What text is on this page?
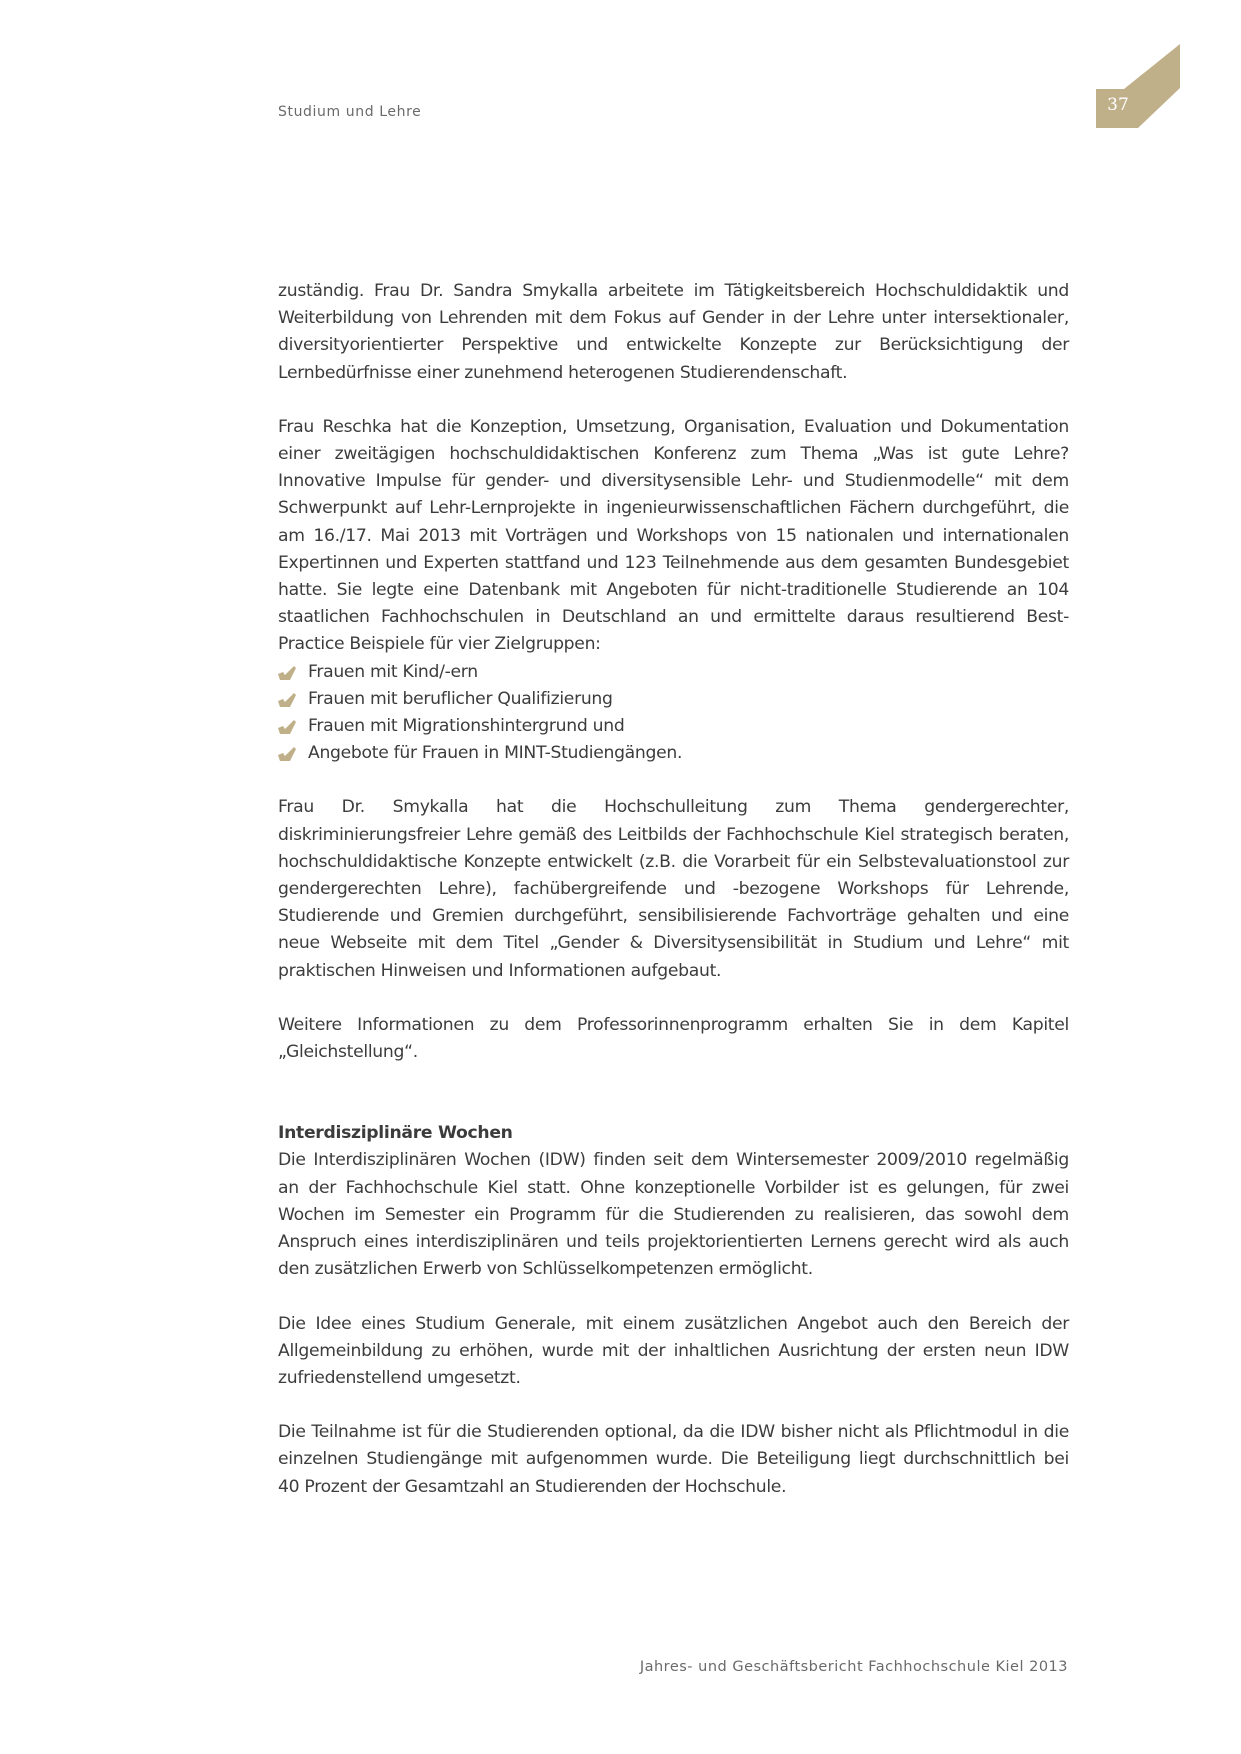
Studium und Lehre	37

zuständig. Frau Dr. Sandra Smykalla arbeitete im Tätigkeitsbereich Hochschuldidaktik und Weiterbildung von Lehrenden mit dem Fokus auf Gender in der Lehre unter intersektionaler, diversityorientierter Perspektive und entwickelte Konzepte zur Berücksichtigung der Lernbedürfnisse einer zunehmend heterogenen Studierendenschaft.

Frau Reschka hat die Konzeption, Umsetzung, Organisation, Evaluation und Dokumentation einer zweitägigen hochschuldidaktischen Konferenz zum Thema „Was ist gute Lehre? Innovative Impulse für gender- und diversitysensible Lehr- und Studienmodelle“ mit dem Schwerpunkt auf Lehr-Lernprojekte in ingenieurwissenschaftlichen Fächern durchgeführt, die am 16./17. Mai 2013 mit Vorträgen und Workshops von 15 nationalen und internationalen Expertinnen und Experten stattfand und 123 Teilnehmende aus dem gesamten Bundesgebiet hatte. Sie legte eine Datenbank mit Angeboten für nicht-traditionelle Studierende an 104 staatlichen Fachhochschulen in Deutschland an und ermittelte daraus resultierend Best-Practice Beispiele für vier Zielgruppen:

Frauen mit Kind/-ern
Frauen mit beruflicher Qualifizierung
Frauen mit Migrationshintergrund und
Angebote für Frauen in MINT-Studiengängen.

Frau Dr. Smykalla hat die Hochschulleitung zum Thema gendergerechter, diskriminierungsfreier Lehre gemäß des Leitbilds der Fachhochschule Kiel strategisch beraten, hochschuldidaktische Konzepte entwickelt (z.B. die Vorarbeit für ein Selbstevaluationstool zur gendergerechten Lehre), fachübergreifende und -bezogene Workshops für Lehrende, Studierende und Gremien durchgeführt, sensibilisierende Fachvorträge gehalten und eine neue Webseite mit dem Titel „Gender & Diversitysensibilität in Studium und Lehre“ mit praktischen Hinweisen und Informationen aufgebaut.

Weitere Informationen zu dem Professorinnenprogramm erhalten Sie in dem Kapitel „Gleichstellung“.

Interdisziplinäre Wochen

Die Interdisziplinären Wochen (IDW) finden seit dem Wintersemester 2009/2010 regelmäßig an der Fachhochschule Kiel statt. Ohne konzeptionelle Vorbilder ist es gelungen, für zwei Wochen im Semester ein Programm für die Studierenden zu realisieren, das sowohl dem Anspruch eines interdisziplinären und teils projektorientierten Lernens gerecht wird als auch den zusätzlichen Erwerb von Schlüsselkompetenzen ermöglicht.

Die Idee eines Studium Generale, mit einem zusätzlichen Angebot auch den Bereich der Allgemeinbildung zu erhöhen, wurde mit der inhaltlichen Ausrichtung der ersten neun IDW zufriedenstellend umgesetzt.

Die Teilnahme ist für die Studierenden optional, da die IDW bisher nicht als Pflichtmodul in die einzelnen Studiengänge mit aufgenommen wurde. Die Beteiligung liegt durchschnittlich bei 40 Prozent der Gesamtzahl an Studierenden der Hochschule.

Jahres- und Geschäftsbericht Fachhochschule Kiel 2013
